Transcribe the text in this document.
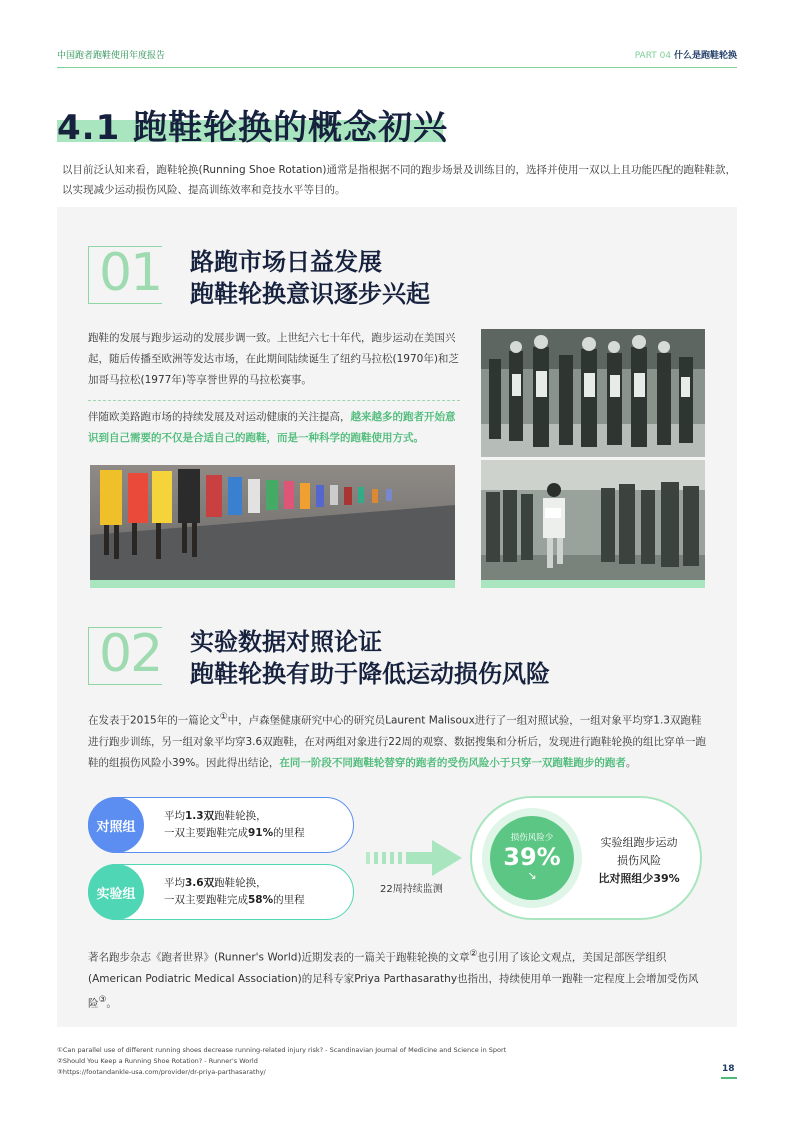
中国跑者跑鞋使用年度报告	PART 04 什么是跑鞋轮换
4.1 跑鞋轮换的概念初兴
以目前泛认知来看，跑鞋轮换(Running Shoe Rotation)通常是指根据不同的跑步场景及训练目的，选择并使用一双以上且功能匹配的跑鞋鞋款，以实现减少运动损伤风险、提高训练效率和竞技水平等目的。
01 路跑市场日益发展
跑鞋轮换意识逐步兴起
跑鞋的发展与跑步运动的发展步调一致。上世纪六七十年代，跑步运动在美国兴起，随后传播至欧洲等发达市场，在此期间陆续诞生了纽约马拉松(1970年)和芝加哥马拉松(1977年)等享誉世界的马拉松赛事。
伴随欧美路跑市场的持续发展及对运动健康的关注提高，越来越多的跑者开始意识到自己需要的不仅是合适自己的跑鞋，而是一种科学的跑鞋使用方式。
02 实验数据对照论证
跑鞋轮换有助于降低运动损伤风险
在发表于2015年的一篇论文①中，卢森堡健康研究中心的研究员Laurent Malisoux进行了一组对照试验，一组对象平均穿1.3双跑鞋进行跑步训练，另一组对象平均穿3.6双跑鞋，在对两组对象进行22周的观察、数据搜集和分析后，发现进行跑鞋轮换的组比穿单一跑鞋的组损伤风险小39%。因此得出结论，在同一阶段不同跑鞋轮替穿的跑者的受伤风险小于只穿一双跑鞋跑步的跑者。
对照组
平均1.3双跑鞋轮换，
一双主要跑鞋完成91%的里程
实验组
平均3.6双跑鞋轮换，
一双主要跑鞋完成58%的里程
22周持续监测
损伤风险少
39%
↘
实验组跑步运动
损伤风险
比对照组少39%
著名跑步杂志《跑者世界》(Runner's World)近期发表的一篇关于跑鞋轮换的文章②也引用了该论文观点，美国足部医学组织(American Podiatric Medical Association)的足科专家Priya Parthasarathy也指出，持续使用单一跑鞋一定程度上会增加受伤风险③。
①Can parallel use of different running shoes decrease running-related injury risk? - Scandinavian Journal of Medicine and Science in Sport
②Should You Keep a Running Shoe Rotation? - Runner's World
③https://footandankle-usa.com/provider/dr-priya-parthasarathy/	18
